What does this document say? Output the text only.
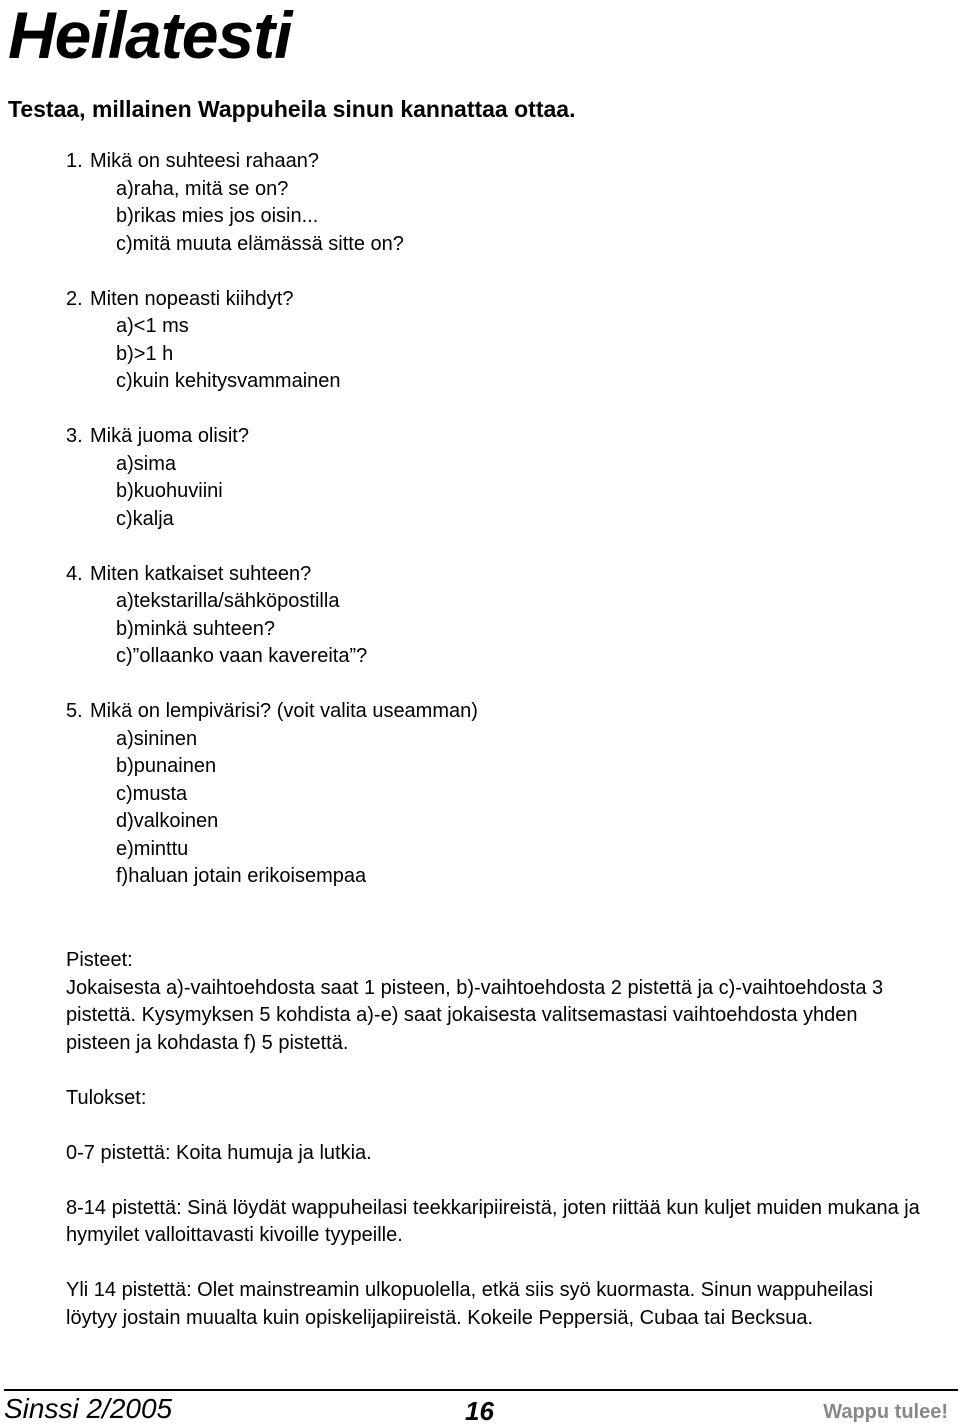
Heilatesti

Testaa, millainen Wappuheila sinun kannattaa ottaa.

1. Mikä on suhteesi rahaan?
a)raha, mitä se on?
b)rikas mies jos oisin...
c)mitä muuta elämässä sitte on?
2. Miten nopeasti kiihdyt?
a)<1 ms
b)>1 h
c)kuin kehitysvammainen
3. Mikä juoma olisit?
a)sima
b)kuohuviini
c)kalja
4. Miten katkaiset suhteen?
a)tekstarilla/sähköpostilla
b)minkä suhteen?
c)”ollaanko vaan kavereita”?
5. Mikä on lempivärisi? (voit valita useamman)
a)sininen
b)punainen
c)musta
d)valkoinen
e)minttu
f)haluan jotain erikoisempaa

Pisteet:

Jokaisesta a)-vaihtoehdosta saat 1 pisteen, b)-vaihtoehdosta 2 pistettä ja c)-vaihtoehdosta 3 pistettä. Kysymyksen 5 kohdista a)-e) saat jokaisesta valitsemastasi vaihtoehdosta yhden pisteen ja kohdasta f) 5 pistettä.

Tulokset:

0-7 pistettä: Koita humuja ja lutkia.

8-14 pistettä: Sinä löydät wappuheilasi teekkaripiireistä, joten riittää kun kuljet muiden mukana ja hymyilet valloittavasti kivoille tyypeille.

Yli 14 pistettä: Olet mainstreamin ulkopuolella, etkä siis syö kuormasta. Sinun wappuheilasi löytyy jostain muualta kuin opiskelijapiireistä. Kokeile Peppersiä, Cubaa tai Becksua.

Sinssi 2/2005	16	Wappu tulee!
